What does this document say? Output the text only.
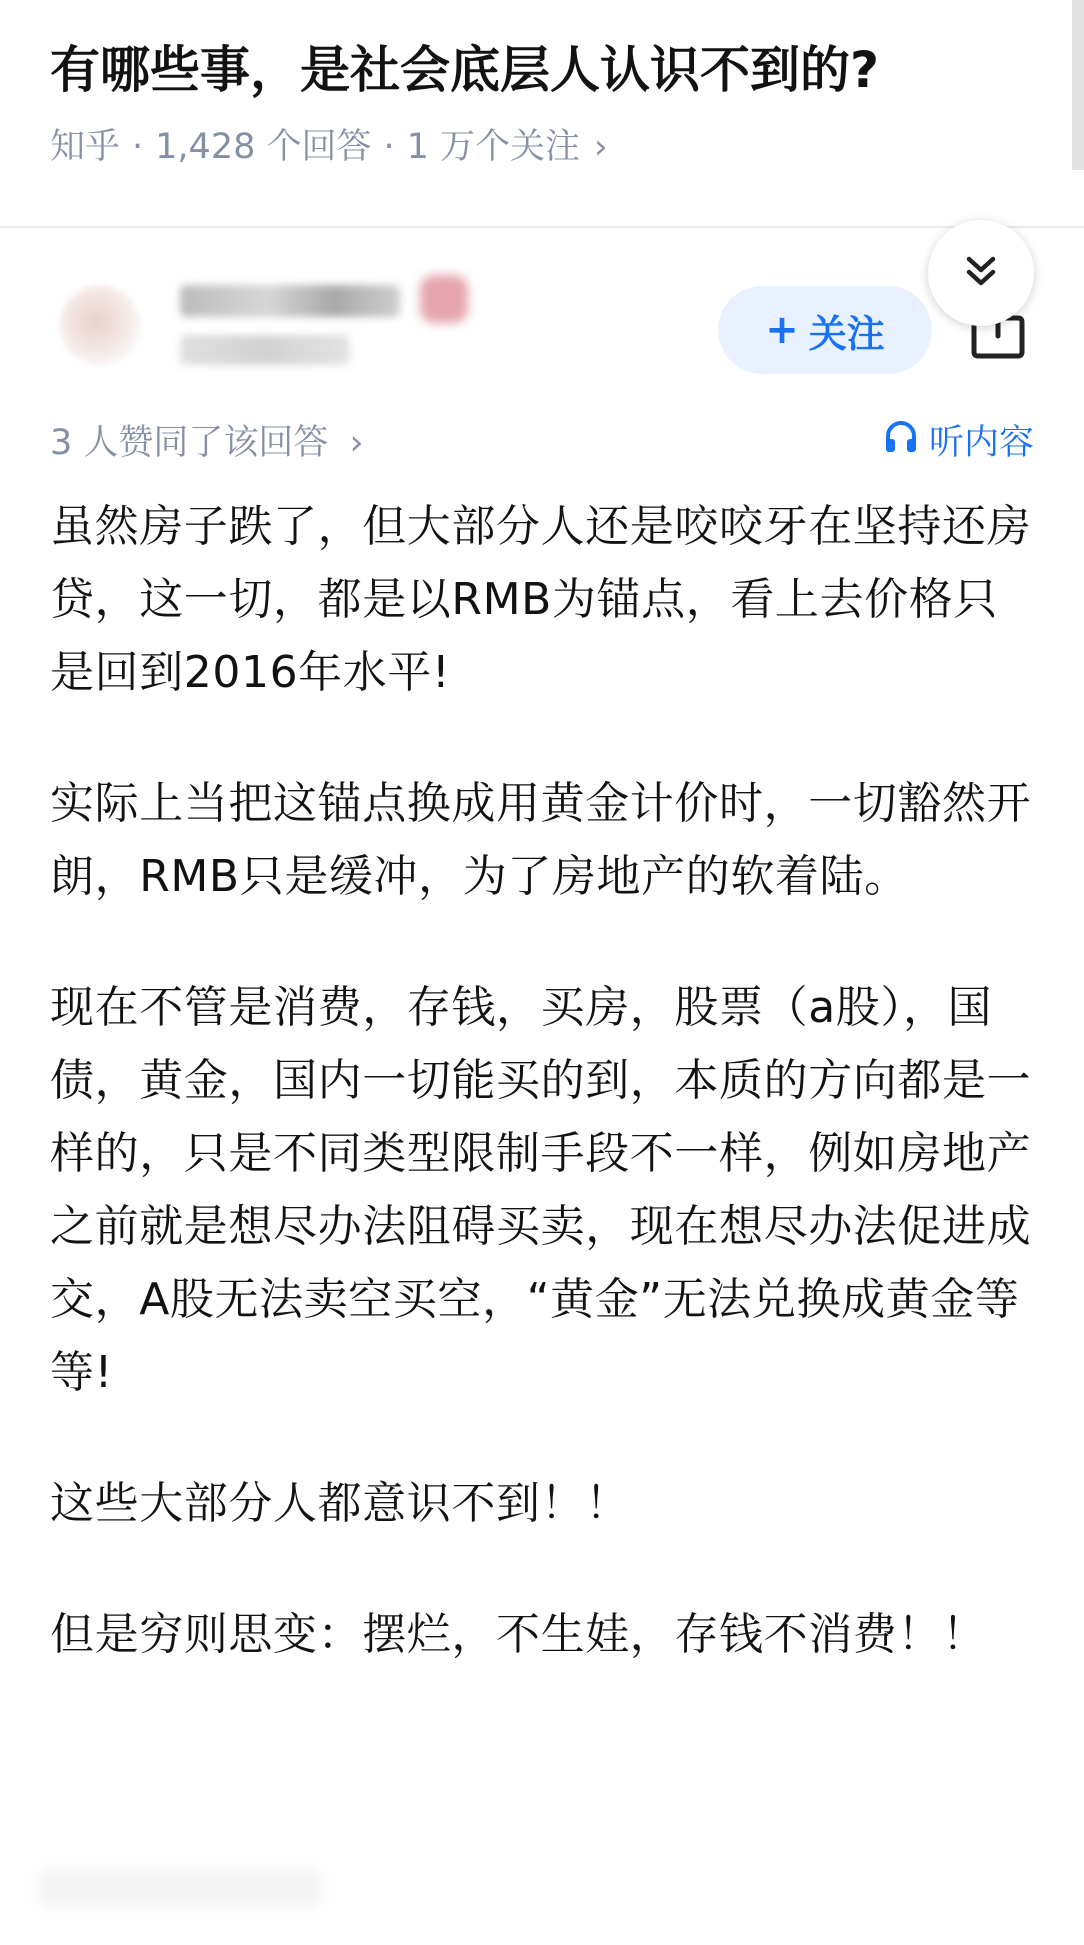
有哪些事，是社会底层人认识不到的?
知乎 · 1,428 个回答 · 1 万个关注 ›
+ 关注
3 人赞同了该回答 ›	听内容

虽然房子跌了，但大部分人还是咬咬牙在坚持还房贷，这一切，都是以RMB为锚点，看上去价格只是回到2016年水平!

实际上当把这锚点换成用黄金计价时，一切豁然开朗，RMB只是缓冲，为了房地产的软着陆。

现在不管是消费，存钱，买房，股票（a股），国债，黄金，国内一切能买的到，本质的方向都是一样的，只是不同类型限制手段不一样，例如房地产之前就是想尽办法阻碍买卖，现在想尽办法促进成交，A股无法卖空买空，“黄金”无法兑换成黄金等等!

这些大部分人都意识不到！！

但是穷则思变：摆烂，不生娃，存钱不消费！！
